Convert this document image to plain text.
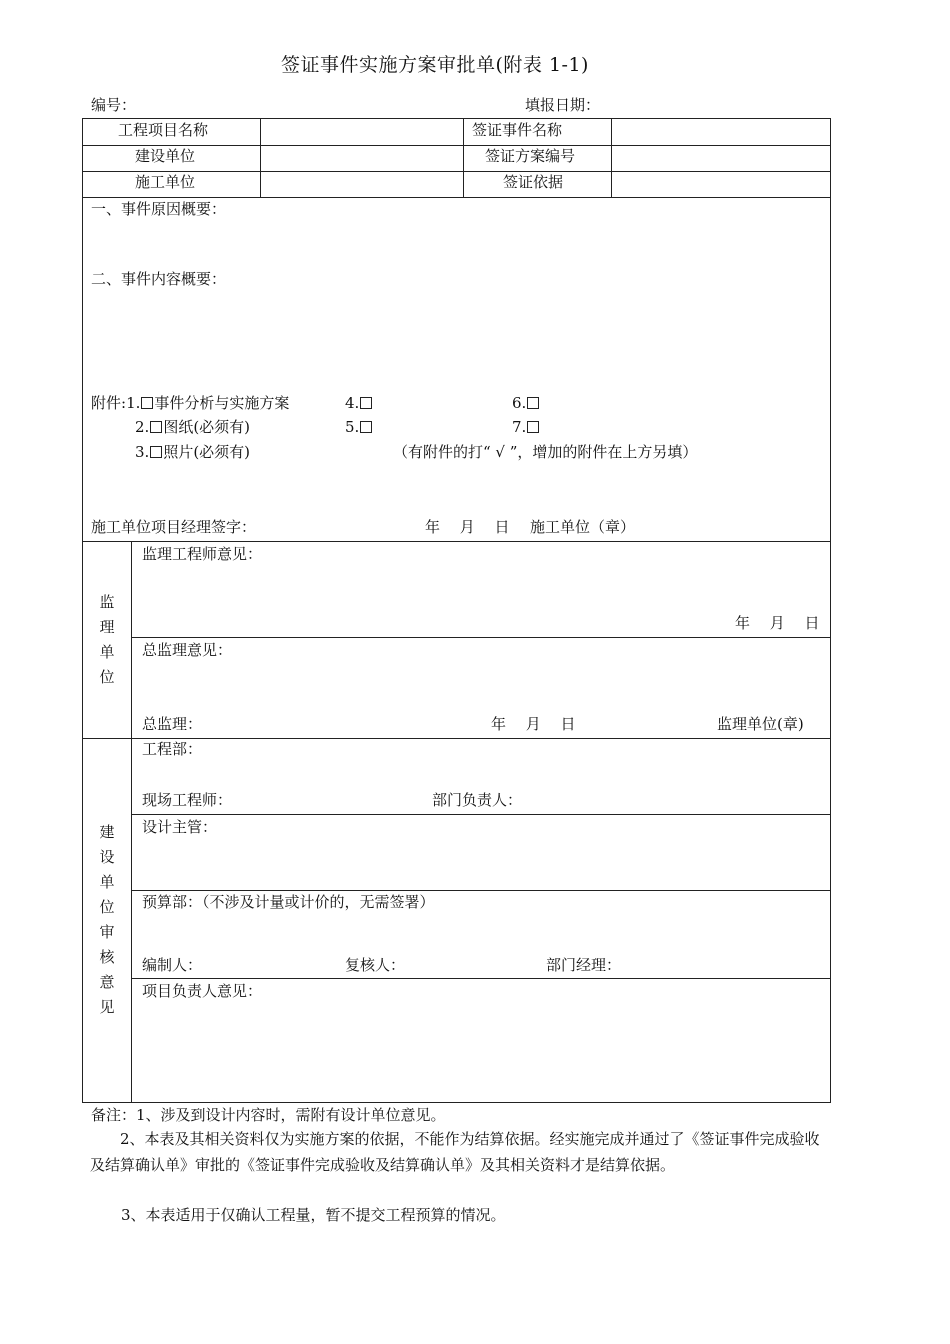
签证事件实施方案审批单(附表 1-1)
编号：	填报日期：
工程项目名称	签证事件名称
建设单位	签证方案编号
施工单位	签证依据
一、事件原因概要：
二、事件内容概要：
附件:1. 事件分析与实施方案	4.	6.
2. 图纸(必须有)	5.	7.
3. 照片(必须有)	（有附件的打“ √ ”，增加的附件在上方另填）
施工单位项目经理签字：	年　 月　 日 施工单位（章）
监
理
单
位
监理工程师意见：
年　 月　 日
总监理意见：
总监理：	年　 月　 日	监理单位(章)
建
设
单
位
审
核
意
见
工程部：
现场工程师：	部门负责人：
设计主管：
预算部：（不涉及计量或计价的，无需签署）
编制人：	复核人：	部门经理：
项目负责人意见：
备注：1、涉及到设计内容时，需附有设计单位意见。
　　2、本表及其相关资料仅为实施方案的依据，不能作为结算依据。经实施完成并通过了《签证事件完成验收及结算确认单》审批的《签证事件完成验收及结算确认单》及其相关资料才是结算依据。
　　3、本表适用于仅确认工程量，暂不提交工程预算的情况。
